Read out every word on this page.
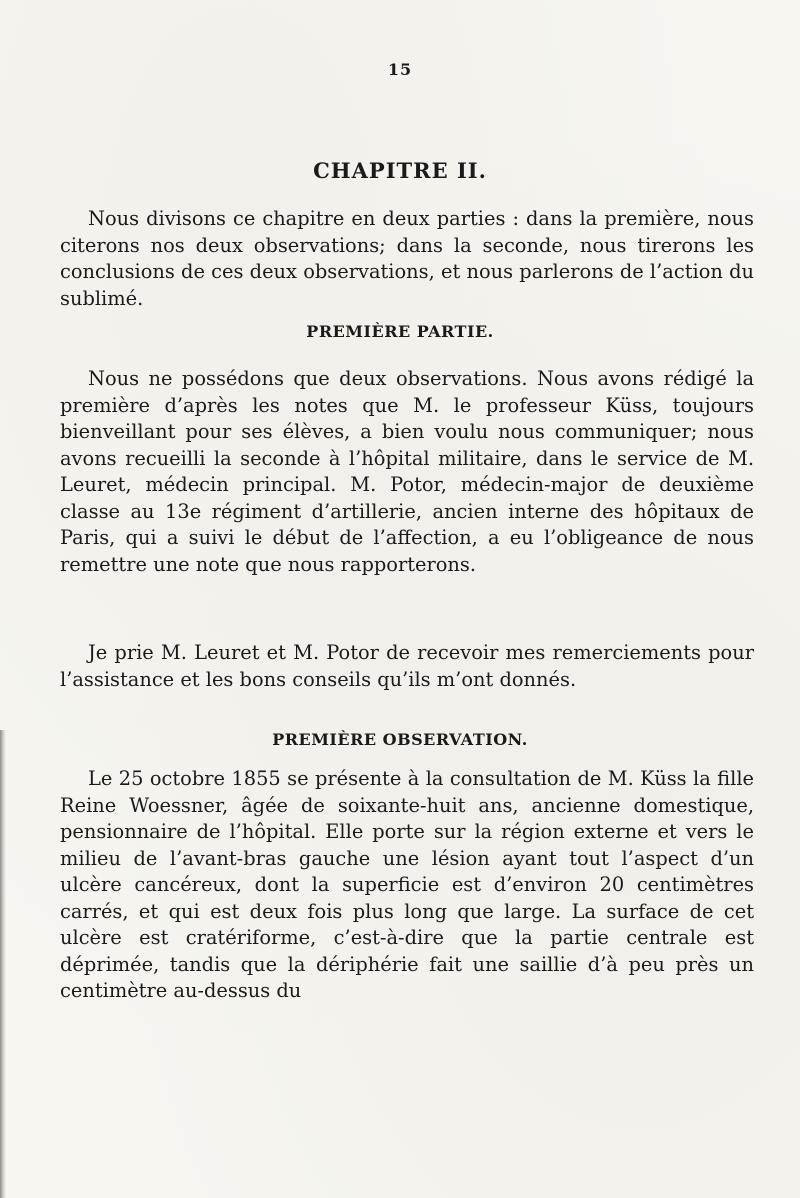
15
CHAPITRE II.

Nous divisons ce chapitre en deux parties : dans la première, nous citerons nos deux observations; dans la seconde, nous tirerons les conclusions de ces deux observations, et nous parlerons de l’action du sublimé.

PREMIÈRE PARTIE.

Nous ne possédons que deux observations. Nous avons rédigé la première d’après les notes que M. le professeur Küss, toujours bienveillant pour ses élèves, a bien voulu nous communiquer; nous avons recueilli la seconde à l’hôpital militaire, dans le service de M. Leuret, médecin principal. M. Potor, médecin-major de deuxième classe au 13e régiment d’artillerie, ancien interne des hôpitaux de Paris, qui a suivi le début de l’affection, a eu l’obligeance de nous remettre une note que nous rapporterons.

Je prie M. Leuret et M. Potor de recevoir mes remerciements pour l’assistance et les bons conseils qu’ils m’ont donnés.

PREMIÈRE OBSERVATION.

Le 25 octobre 1855 se présente à la consultation de M. Küss la fille Reine Woessner, âgée de soixante-huit ans, ancienne domestique, pensionnaire de l’hôpital. Elle porte sur la région externe et vers le milieu de l’avant-bras gauche une lésion ayant tout l’aspect d’un ulcère cancéreux, dont la superficie est d’environ 20 centimètres carrés, et qui est deux fois plus long que large. La surface de cet ulcère est cratériforme, c’est-à-dire que la partie centrale est déprimée, tandis que la dériphérie fait une saillie d’à peu près un centimètre au-dessus du
